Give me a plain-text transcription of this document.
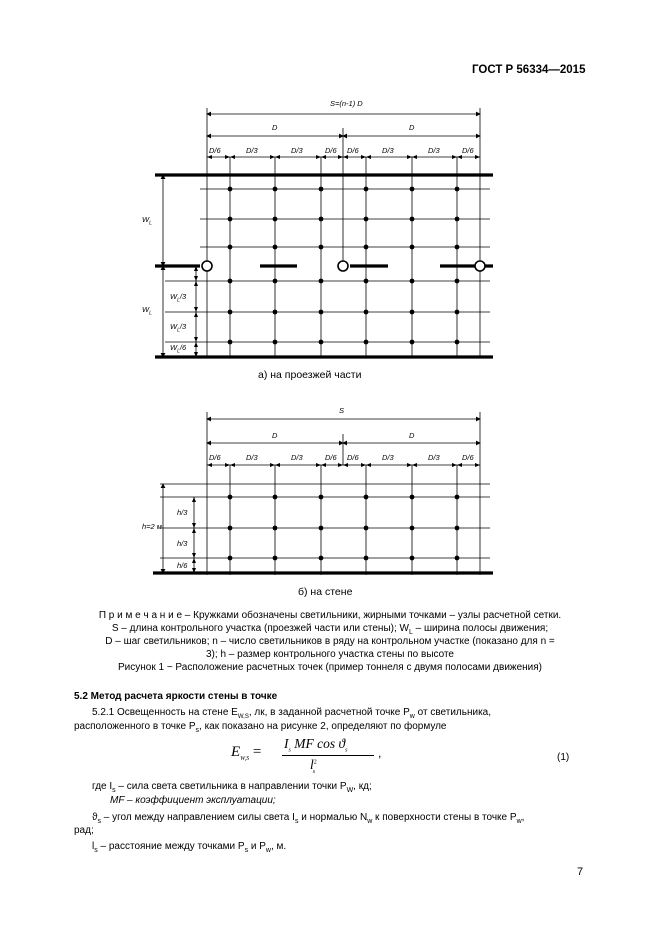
ГОСТ Р 56334—2015
S=(n-1) D
D	D
D/6	D/3	D/3	D/6 D/6	D/3	D/3	D/6
$W_L$
$W_L$
$W_L/3$
$W_L/3$
$W_L/6$
а) на проезжей части
S
D	D
D/6	D/3	D/3	D/6 D/6	D/3	D/3	D/6
h=2 м
h/3
h/3
h/6
б) на стене
П р и м е ч а н и е – Кружками обозначены светильники, жирными точками – узлы расчетной сетки.
S – длина контрольного участка (проезжей части или стены); $W_L$ – ширина полосы движения;
D – шаг светильников; n – число светильников в ряду на контрольном участке (показано для n =
3); h – размер контрольного участка стены по высоте
Рисунок 1 − Расположение расчетных точек (пример тоннеля с двумя полосами движения)
5.2 Метод расчета яркости стены в точке
5.2.1 Освещенность на стене $E_{W,S}$, лк, в заданной расчетной точке $P_w$ от светильника,
расположенного в точке $P_s$, как показано на рисунке 2, определяют по формуле
$E_{W,S}$ =
$I_s$ MF $\cos ϑ_s$
$l^2_s$
,	(1)
где $I_s$ – сила света светильника в направлении точки $P_W$, кд;
MF – коэффициент эксплуатации;
$ϑ_s$ – угол между направлением силы света $I_s$ и нормалью $N_w$ к поверхности стены в точке $P_w$,
рад;
$l_s$ – расстояние между точками $P_s$ и $P_w$, м.
7
